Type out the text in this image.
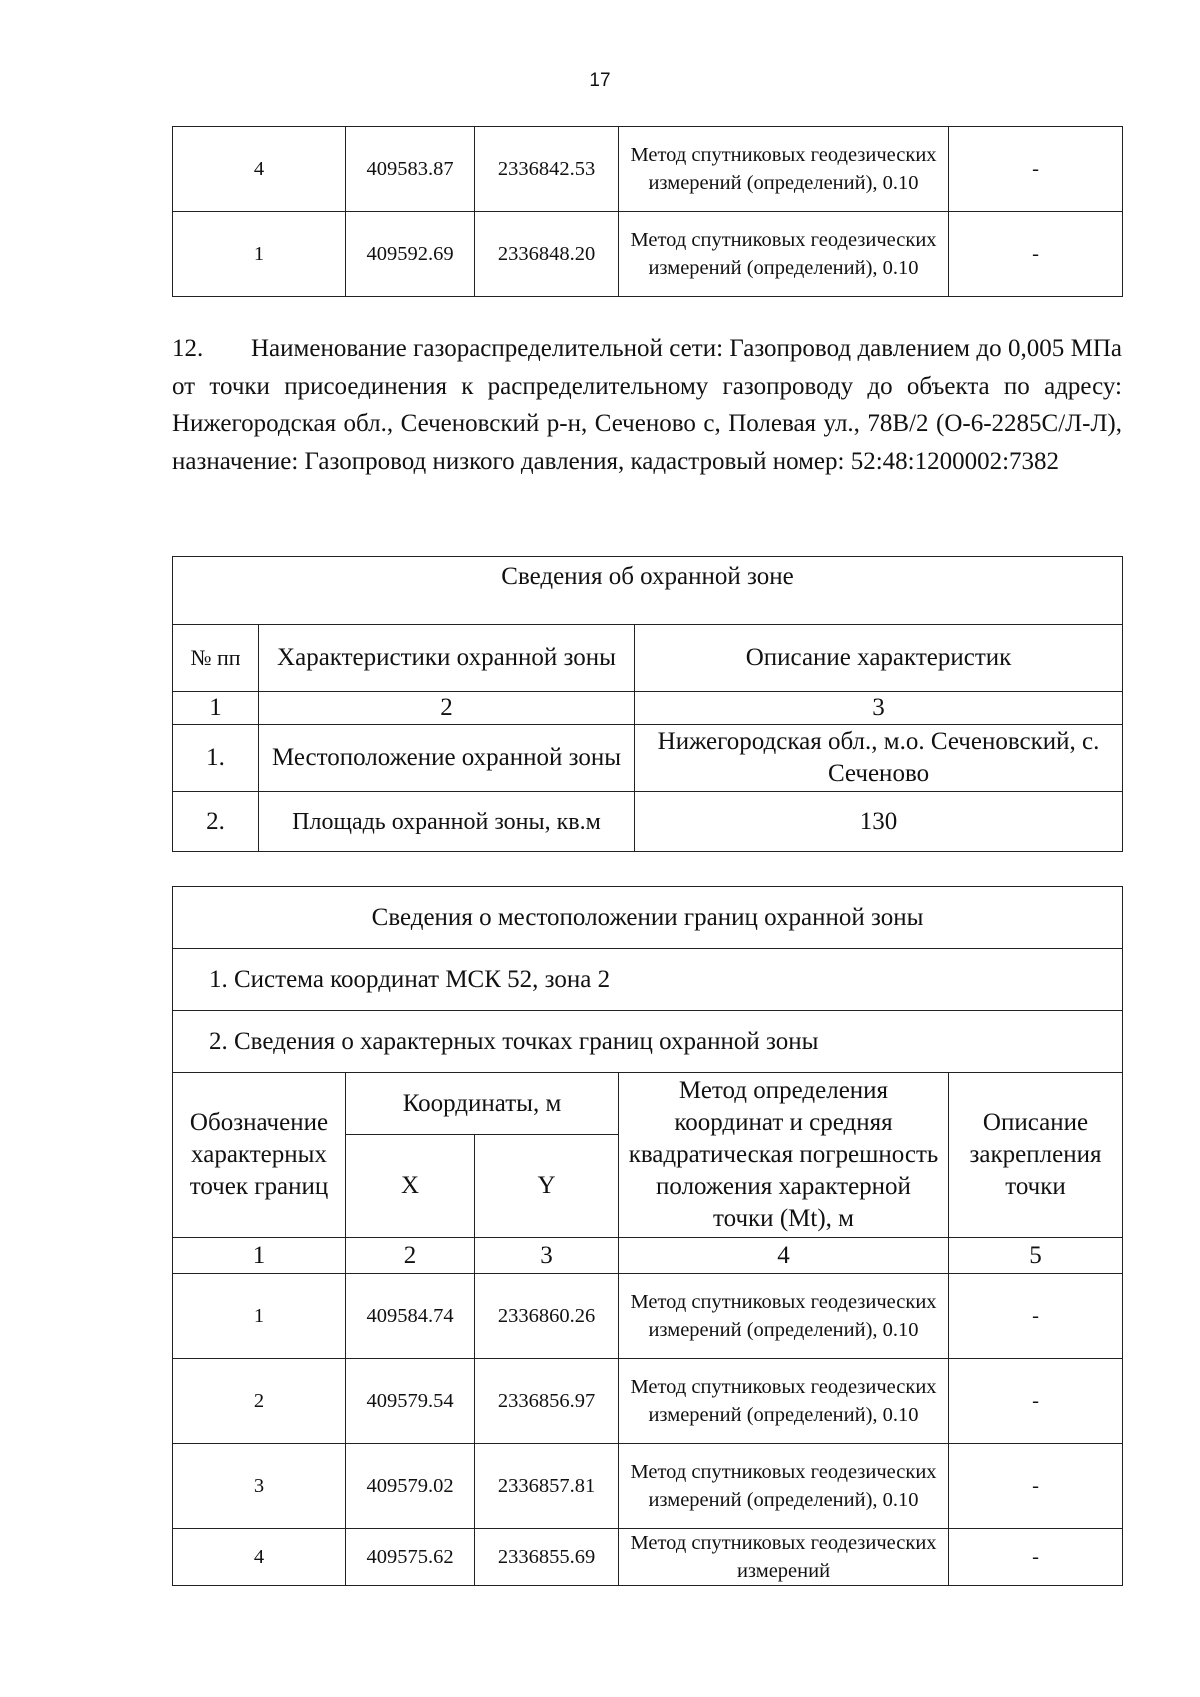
17
4	409583.87	2336842.53	Метод спутниковых геодезических измерений (определений), 0.10	-
1	409592.69	2336848.20	Метод спутниковых геодезических измерений (определений), 0.10	-
12. Наименование газораспределительной сети: Газопровод давлением до 0,005 МПа от точки присоединения к распределительному газопроводу до объекта по адресу: Нижегородская обл., Сеченовский р-н, Сеченово с, Полевая ул., 78В/2 (О-6-2285С/Л-Л), назначение: Газопровод низкого давления, кадастровый номер: 52:48:1200002:7382
Сведения об охранной зоне		
№ пп	Характеристики охранной зоны	Описание характеристик
1	2	3
1.	Местоположение охранной зоны	Нижегородская обл., м.о. Сеченовский, с. Сеченово
2.	Площадь охранной зоны, кв.м	130
Сведения о местоположении границ охранной зоны				
1. Система координат МСК 52, зона 2				
2. Сведения о характерных точках границ охранной зоны				
Обозначение характерных точек границ	Координаты, м		Метод определения координат и средняя квадратическая погрешность положения характерной точки (Mt), м	Описание закрепления точки
	X	Y		
1	2	3	4	5
1	409584.74	2336860.26	Метод спутниковых геодезических измерений (определений), 0.10	-
2	409579.54	2336856.97	Метод спутниковых геодезических измерений (определений), 0.10	-
3	409579.02	2336857.81	Метод спутниковых геодезических измерений (определений), 0.10	-
4	409575.62	2336855.69	Метод спутниковых геодезических измерений	-
